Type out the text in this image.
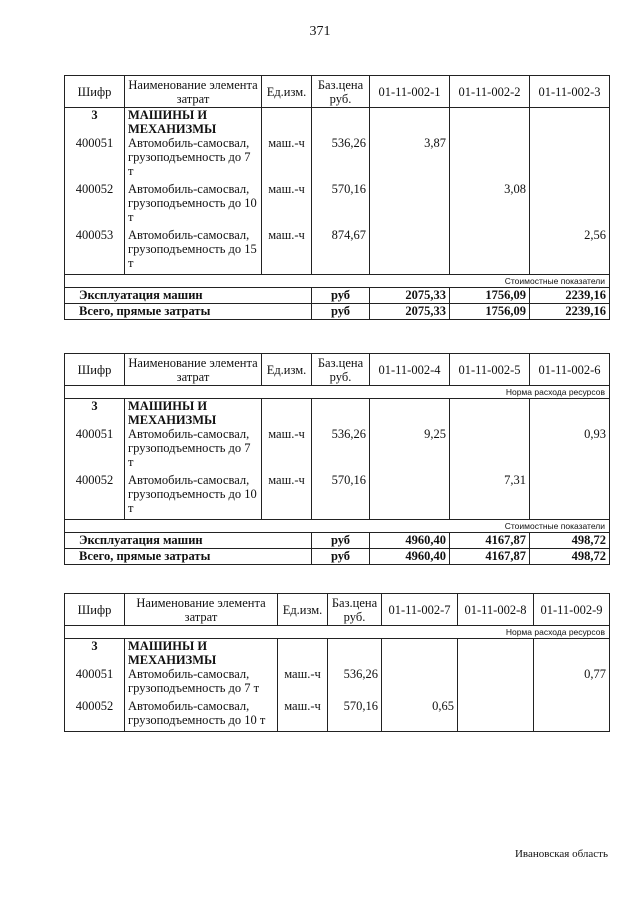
371
Шифр	Наименование элемента затрат	Ед.изм.	Баз.цена руб.	01-11-002-1	01-11-002-2	01-11-002-3
3	МАШИНЫ И МЕХАНИЗМЫ					
400051	Автомобиль-самосвал, грузоподъемность до 7 т	маш.-ч	536,26	3,87		
400052	Автомобиль-самосвал, грузоподъемность до 10 т	маш.-ч	570,16		3,08	
400053	Автомобиль-самосвал, грузоподъемность до 15 т	маш.-ч	874,67			2,56
Стоимостные показатели						
Эксплуатация машин			руб	2075,33	1756,09	2239,16
Всего, прямые затраты			руб	2075,33	1756,09	2239,16
Шифр	Наименование элемента затрат	Ед.изм.	Баз.цена руб.	01-11-002-4	01-11-002-5	01-11-002-6
Норма расхода ресурсов						
3	МАШИНЫ И МЕХАНИЗМЫ					
400051	Автомобиль-самосвал, грузоподъемность до 7 т	маш.-ч	536,26	9,25		0,93
400052	Автомобиль-самосвал, грузоподъемность до 10 т	маш.-ч	570,16		7,31	
Стоимостные показатели						
Эксплуатация машин			руб	4960,40	4167,87	498,72
Всего, прямые затраты			руб	4960,40	4167,87	498,72
Шифр	Наименование элемента затрат	Ед.изм.	Баз.цена руб.	01-11-002-7	01-11-002-8	01-11-002-9
Норма расхода ресурсов						
3	МАШИНЫ И МЕХАНИЗМЫ					
400051	Автомобиль-самосвал, грузоподъемность до 7 т	маш.-ч	536,26			0,77
400052	Автомобиль-самосвал, грузоподъемность до 10 т	маш.-ч	570,16	0,65		
Ивановская область
